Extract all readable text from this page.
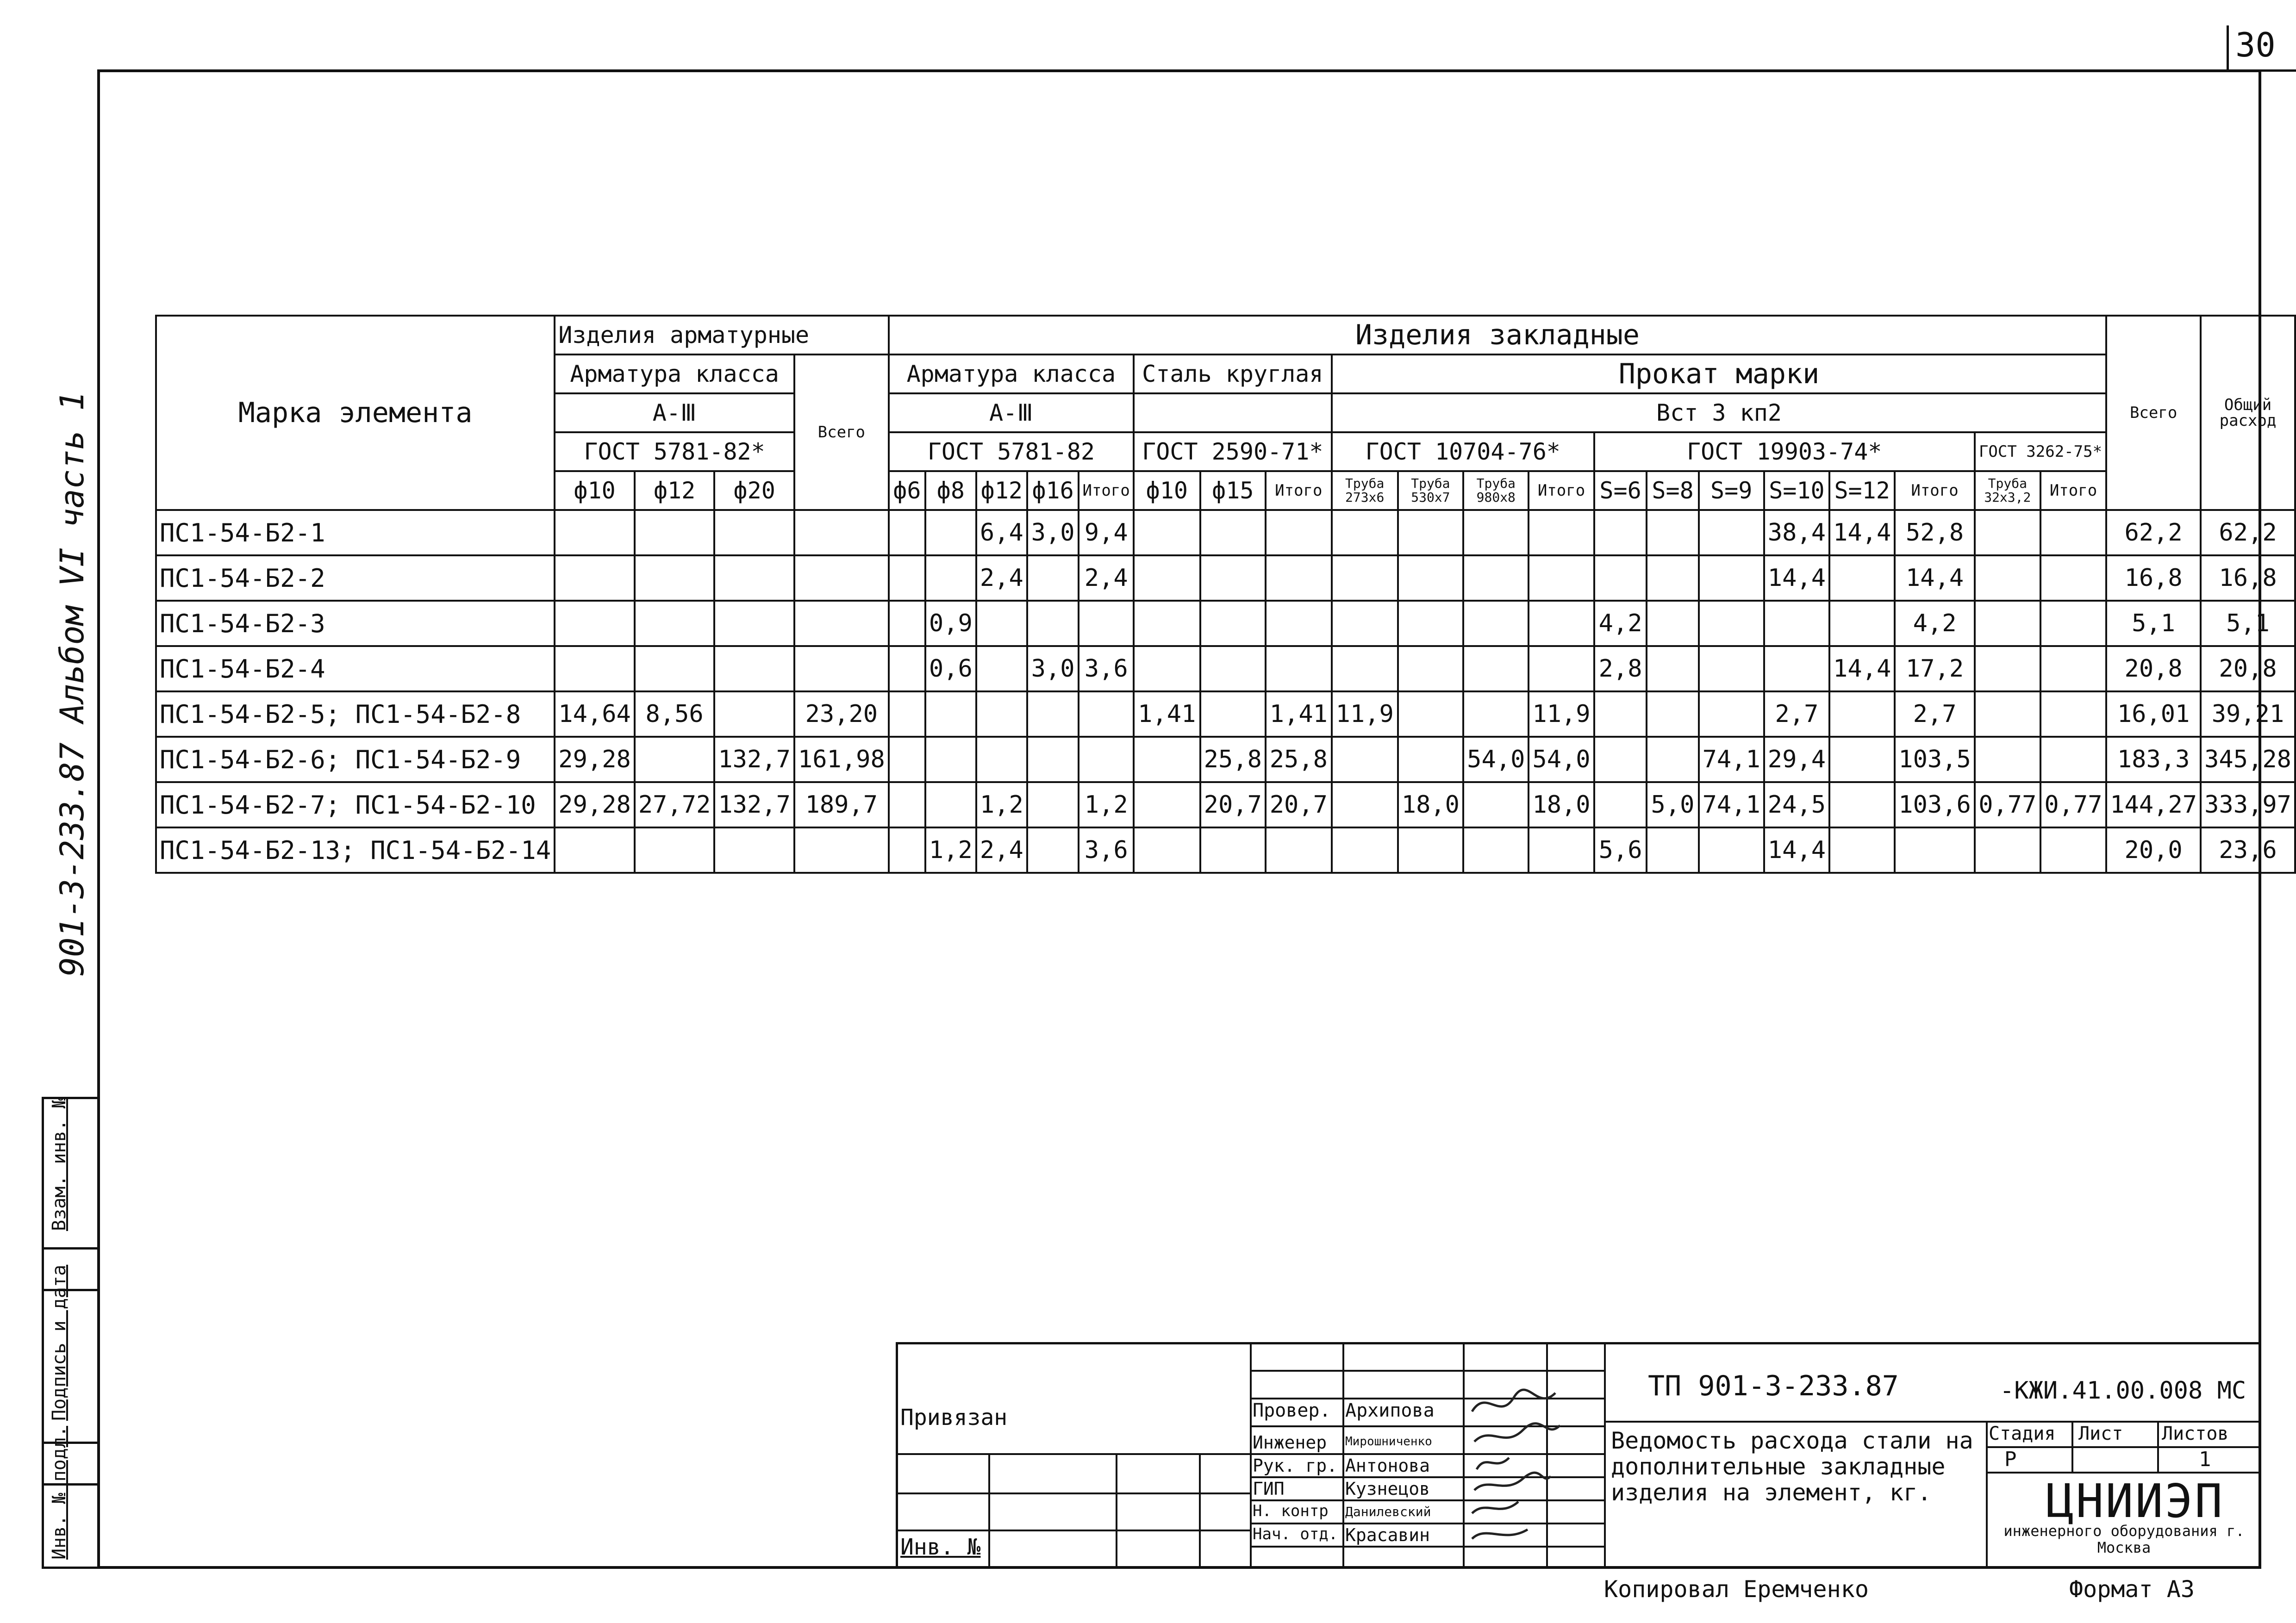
30
901-3-233.87 Альбом VI часть 1
Инв. № подл.
Подпись и дата
Взам. инв. №
Марка элемента	Изделия арматурные				Изделия закладные																				Всего	Общий расход
	Арматура класса			Всего	Арматура класса					Сталь круглая			Прокат марки													
	A-Ⅲ				A-Ⅲ								Вст 3 кп2													
	ГОСТ 5781-82*				ГОСТ 5781-82					ГОСТ 2590-71*			ГОСТ 10704-76*				ГОСТ 19903-74*						ГОСТ 3262-75*			
	ф10	ф12	ф20		ф6	ф8	ф12	ф16	Итого	ф10	ф15	Итого	Труба 273х6	Труба 530х7	Труба 980х8	Итого	S=6	S=8	S=9	S=10	S=12	Итого	Труба 32х3,2	Итого		
ПС1-54-Б2-1							6,4	3,0	9,4											38,4	14,4	52,8			62,2	62,2
ПС1-54-Б2-2							2,4		2,4											14,4		14,4			16,8	16,8
ПС1-54-Б2-3						0,9											4,2					4,2			5,1	5,1
ПС1-54-Б2-4						0,6		3,0	3,6								2,8				14,4	17,2			20,8	20,8
ПС1-54-Б2-5; ПС1-54-Б2-8	14,64	8,56		23,20						1,41		1,41	11,9			11,9				2,7		2,7			16,01	39,21
ПС1-54-Б2-6; ПС1-54-Б2-9	29,28		132,7	161,98							25,8	25,8			54,0	54,0			74,1	29,4		103,5			183,3	345,28
ПС1-54-Б2-7; ПС1-54-Б2-10	29,28	27,72	132,7	189,7			1,2		1,2		20,7	20,7		18,0		18,0		5,0	74,1	24,5		103,6	0,77	0,77	144,27	333,97
ПС1-54-Б2-13; ПС1-54-Б2-14						1,2	2,4		3,6								5,6			14,4					20,0	23,6
Привязан
Инв. №
Провер.
Инженер
Рук. гр.
ГИП
Н. контр
Нач. отд.
Архипова
Мирошниченко
Антонова
Кузнецов
Данилевский
Красавин
ТП 901-3-233.87	-КЖИ.41.00.008 МС
Ведомость расхода стали на дополнительные закладные изделия на элемент, кг.
Стадия Лист Листов
Р	1
ЦНИИЭП
инженерного оборудования г. Москва
Копировал Еремченко	Формат А3
